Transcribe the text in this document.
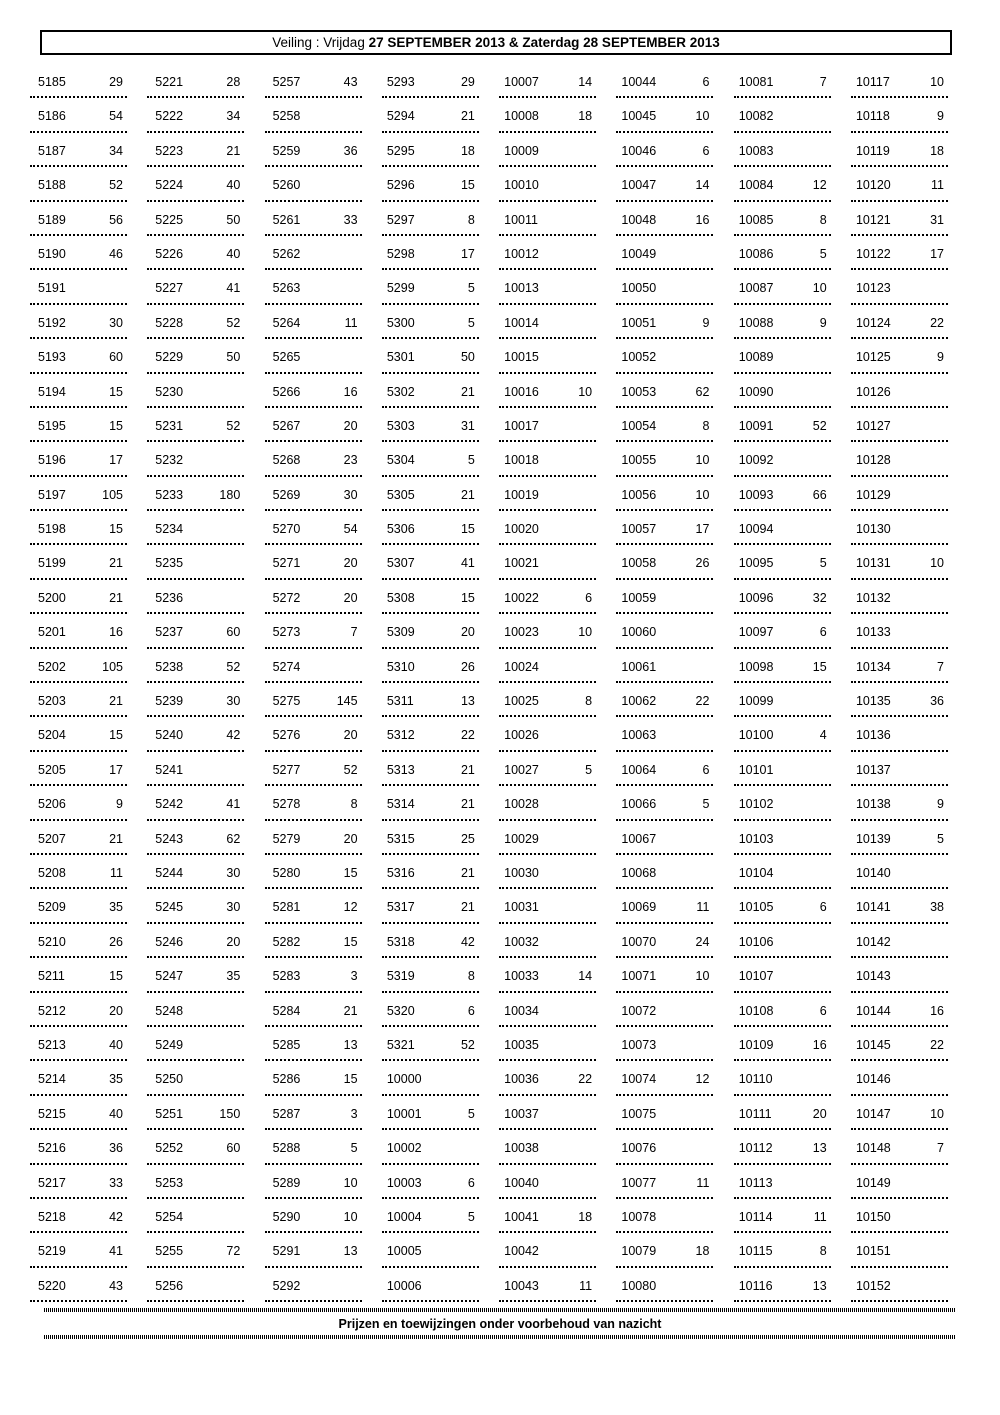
Veiling : Vrijdag 27 SEPTEMBER 2013 & Zaterdag 28 SEPTEMBER 2013
5185	29
5186	54
5187	34
5188	52
5189	56
5190	46
5191
5192	30
5193	60
5194	15
5195	15
5196	17
5197	105
5198	15
5199	21
5200	21
5201	16
5202	105
5203	21
5204	15
5205	17
5206	9
5207	21
5208	11
5209	35
5210	26
5211	15
5212	20
5213	40
5214	35
5215	40
5216	36
5217	33
5218	42
5219	41
5220	43
5221	28
5222	34
5223	21
5224	40
5225	50
5226	40
5227	41
5228	52
5229	50
5230
5231	52
5232
5233	180
5234
5235
5236
5237	60
5238	52
5239	30
5240	42
5241
5242	41
5243	62
5244	30
5245	30
5246	20
5247	35
5248
5249
5250
5251	150
5252	60
5253
5254
5255	72
5256
5257	43
5258
5259	36
5260
5261	33
5262
5263
5264	11
5265
5266	16
5267	20
5268	23
5269	30
5270	54
5271	20
5272	20
5273	7
5274
5275	145
5276	20
5277	52
5278	8
5279	20
5280	15
5281	12
5282	15
5283	3
5284	21
5285	13
5286	15
5287	3
5288	5
5289	10
5290	10
5291	13
5292
5293	29
5294	21
5295	18
5296	15
5297	8
5298	17
5299	5
5300	5
5301	50
5302	21
5303	31
5304	5
5305	21
5306	15
5307	41
5308	15
5309	20
5310	26
5311	13
5312	22
5313	21
5314	21
5315	25
5316	21
5317	21
5318	42
5319	8
5320	6
5321	52
10000
10001	5
10002
10003	6
10004	5
10005
10006
10007	14
10008	18
10009
10010
10011
10012
10013
10014
10015
10016	10
10017
10018
10019
10020
10021
10022	6
10023	10
10024
10025	8
10026
10027	5
10028
10029
10030
10031
10032
10033	14
10034
10035
10036	22
10037
10038
10040
10041	18
10042
10043	11
10044	6
10045	10
10046	6
10047	14
10048	16
10049
10050
10051	9
10052
10053	62
10054	8
10055	10
10056	10
10057	17
10058	26
10059
10060
10061
10062	22
10063
10064	6
10066	5
10067
10068
10069	11
10070	24
10071	10
10072
10073
10074	12
10075
10076
10077	11
10078
10079	18
10080
10081	7
10082
10083
10084	12
10085	8
10086	5
10087	10
10088	9
10089
10090
10091	52
10092
10093	66
10094
10095	5
10096	32
10097	6
10098	15
10099
10100	4
10101
10102
10103
10104
10105	6
10106
10107
10108	6
10109	16
10110
10111	20
10112	13
10113
10114	11
10115	8
10116	13
10117	10
10118	9
10119	18
10120	11
10121	31
10122	17
10123
10124	22
10125	9
10126
10127
10128
10129
10130
10131	10
10132
10133
10134	7
10135	36
10136
10137
10138	9
10139	5
10140
10141	38
10142
10143
10144	16
10145	22
10146
10147	10
10148	7
10149
10150
10151
10152
Prijzen en toewijzingen onder voorbehoud van nazicht
